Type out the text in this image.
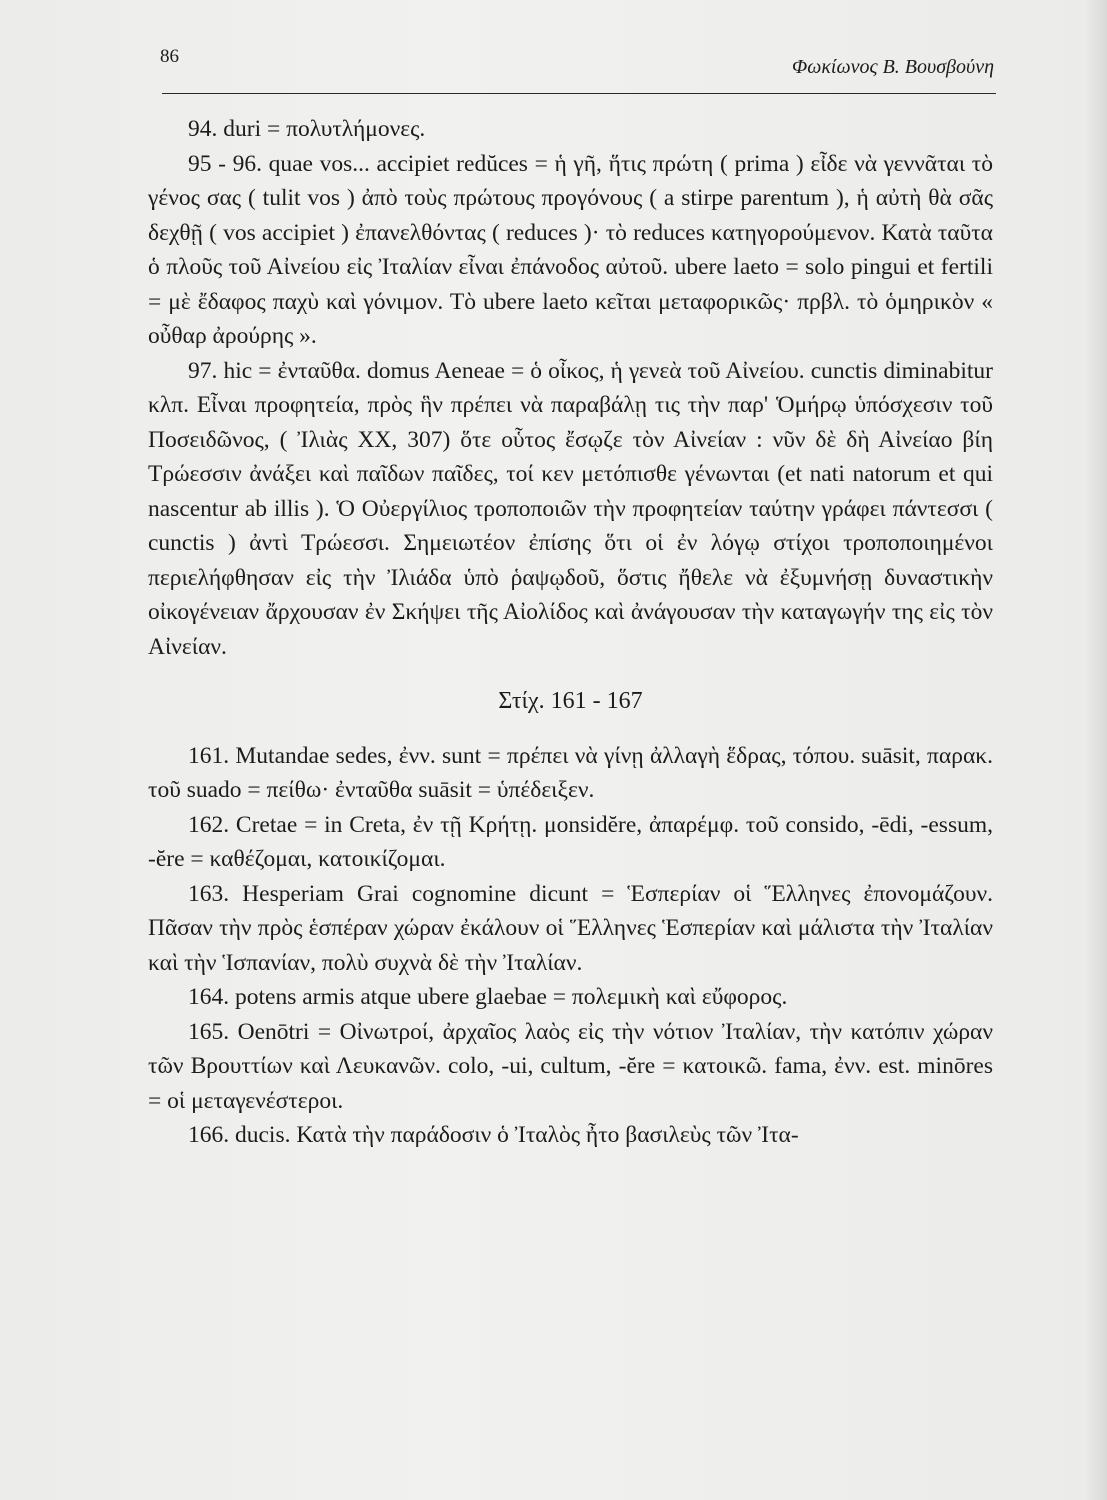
86	Φωκίωνος Β. Βουσβούνη

94. duri = πολυτλήμονες.

95 - 96. quae vos... accipiet redŭces = ἡ γῆ, ἥτις πρώτη ( prima ) εἶδε νὰ γεννᾶται τὸ γένος σας ( tulit vos ) ἀπὸ τοὺς πρώτους προγόνους ( a stirpe parentum ), ἡ αὐτὴ θὰ σᾶς δεχθῇ ( vos accipiet ) ἐπανελθόντας ( reduces )· τὸ reduces κατηγορούμενον. Κατὰ ταῦτα ὁ πλοῦς τοῦ Αἰνείου εἰς Ἰταλίαν εἶναι ἐπάνοδος αὐτοῦ. ubere laeto = solo pingui et fertili = μὲ ἔδαφος παχὺ καὶ γόνιμον. Τὸ ubere laeto κεῖται μεταφορικῶς· πρβλ. τὸ ὁμηρικὸν « οὖθαρ ἀρούρης ».

97. hic = ἐνταῦθα. domus Aeneae = ὁ οἶκος, ἡ γενεὰ τοῦ Αἰνείου. cunctis diminabitur κλπ. Εἶναι προφητεία, πρὸς ἣν πρέπει νὰ παραβάλῃ τις τὴν παρ' Ὁμήρῳ ὑπόσχεσιν τοῦ Ποσειδῶνος, ( Ἰλιὰς XX, 307) ὅτε οὗτος ἔσῳζε τὸν Αἰνείαν : νῦν δὲ δὴ Αἰνείαο βίη Τρώεσσιν ἀνάξει καὶ παῖδων παῖδες, τοί κεν μετόπισθε γένωνται (et nati natorum et qui nascentur ab illis ). Ὁ Οὐεργίλιος τροποποιῶν τὴν προφητείαν ταύτην γράφει πάντεσσι ( cunctis ) ἀντὶ Τρώεσσι. Σημειωτέον ἐπίσης ὅτι οἱ ἐν λόγῳ στίχοι τροποποιημένοι περιελήφθησαν εἰς τὴν Ἰλιάδα ὑπὸ ῥαψῳδοῦ, ὅστις ἤθελε νὰ ἐξυμνήσῃ δυναστικὴν οἰκογένειαν ἄρχουσαν ἐν Σκήψει τῆς Αἰολίδος καὶ ἀνάγουσαν τὴν καταγωγήν της εἰς τὸν Αἰνείαν.

Στίχ. 161 - 167

161. Mutandae sedes, ἐνν. sunt = πρέπει νὰ γίνῃ ἀλλαγὴ ἕδρας, τόπου. suāsit, παρακ. τοῦ suado = πείθω· ἐνταῦθα suāsit = ὑπέδειξεν.

162. Cretae = in Creta, ἐν τῇ Κρήτῃ. μonsidĕre, ἀπαρέμφ. τοῦ consido, -ēdi, -essum, -ĕre = καθέζομαι, κατοικίζομαι.

163. Hesperiam Grai cognomine dicunt = Ἑσπερίαν οἱ Ἕλληνες ἐπονομάζουν. Πᾶσαν τὴν πρὸς ἑσπέραν χώραν ἐκάλουν οἱ Ἕλληνες Ἑσπερίαν καὶ μάλιστα τὴν Ἰταλίαν καὶ τὴν Ἱσπανίαν, πολὺ συχνὰ δὲ τὴν Ἰταλίαν.

164. potens armis atque ubere glaebae = πολεμικὴ καὶ εὔφορος.

165. Oenōtri = Οἰνωτροί, ἀρχαῖος λαὸς εἰς τὴν νότιον Ἰταλίαν, τὴν κατόπιν χώραν τῶν Βρουττίων καὶ Λευκανῶν. colo, -ui, cultum, -ĕre = κατοικῶ. fama, ἐνν. est. minōres = οἱ μεταγενέστεροι.

166. ducis. Κατὰ τὴν παράδοσιν ὁ Ἰταλὸς ἦτο βασιλεὺς τῶν Ἰτα-
